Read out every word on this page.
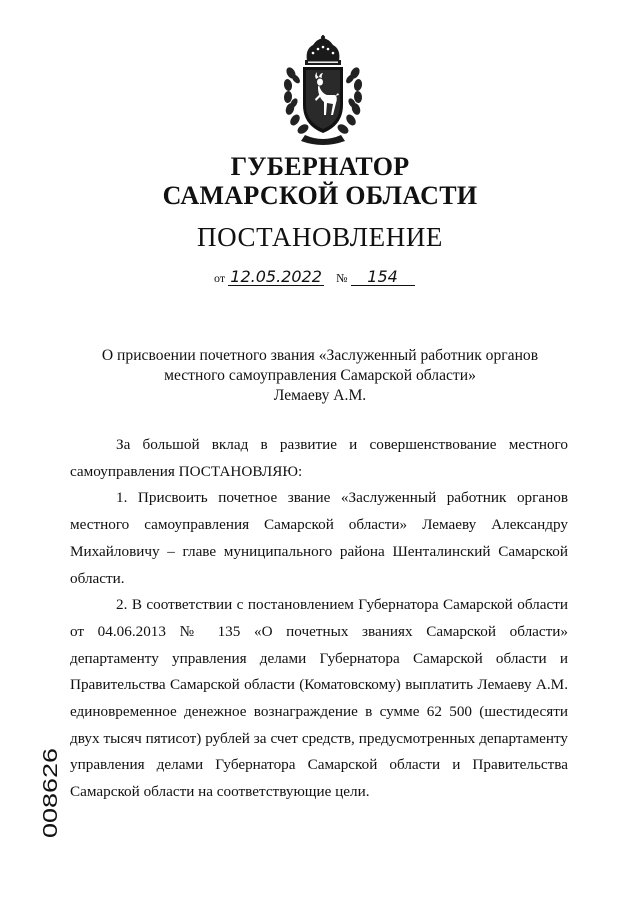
ГУБЕРНАТОР
САМАРСКОЙ ОБЛАСТИ
ПОСТАНОВЛЕНИЕ
от 12.05.2022 № 154
О присвоении почетного звания «Заслуженный работник органов
местного самоуправления Самарской области»
Лемаеву А.М.

За большой вклад в развитие и совершенствование местного самоуправления ПОСТАНОВЛЯЮ:

1. Присвоить почетное звание «Заслуженный работник органов местного самоуправления Самарской области» Лемаеву Александру Михайловичу – главе муниципального района Шенталинский Самарской области.

2. В соответствии с постановлением Губернатора Самарской области от 04.06.2013 № 135 «О почетных званиях Самарской области» департаменту управления делами Губернатора Самарской области и Правительства Самарской области (Коматовскому) выплатить Лемаеву А.М. единовременное денежное вознаграждение в сумме 62 500 (шестидесяти двух тысяч пятисот) рублей за счет средств, предусмотренных департаменту управления делами Губернатора Самарской области и Правительства Самарской области на соответствующие цели.

008626
